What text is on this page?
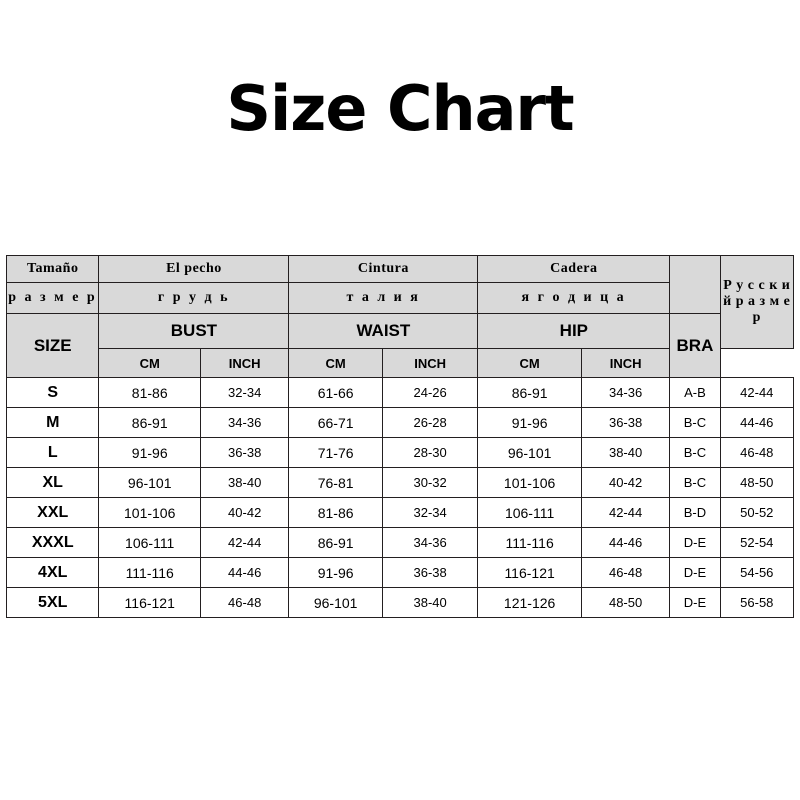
Size Chart
Tamaño	El pecho		Cintura		Cadera			Р у с с к и й р а з м е р
р а з м е р	г р у д ь		т а л и я		я г о д и ц а			
SIZE	BUST		WAIST		HIP		BRA	
	CM	INCH	CM	INCH	CM	INCH		
S	81-86	32-34	61-66	24-26	86-91	34-36	A-B	42-44
M	86-91	34-36	66-71	26-28	91-96	36-38	B-C	44-46
L	91-96	36-38	71-76	28-30	96-101	38-40	B-C	46-48
XL	96-101	38-40	76-81	30-32	101-106	40-42	B-C	48-50
XXL	101-106	40-42	81-86	32-34	106-111	42-44	B-D	50-52
XXXL	106-111	42-44	86-91	34-36	111-116	44-46	D-E	52-54
4XL	111-116	44-46	91-96	36-38	116-121	46-48	D-E	54-56
5XL	116-121	46-48	96-101	38-40	121-126	48-50	D-E	56-58
